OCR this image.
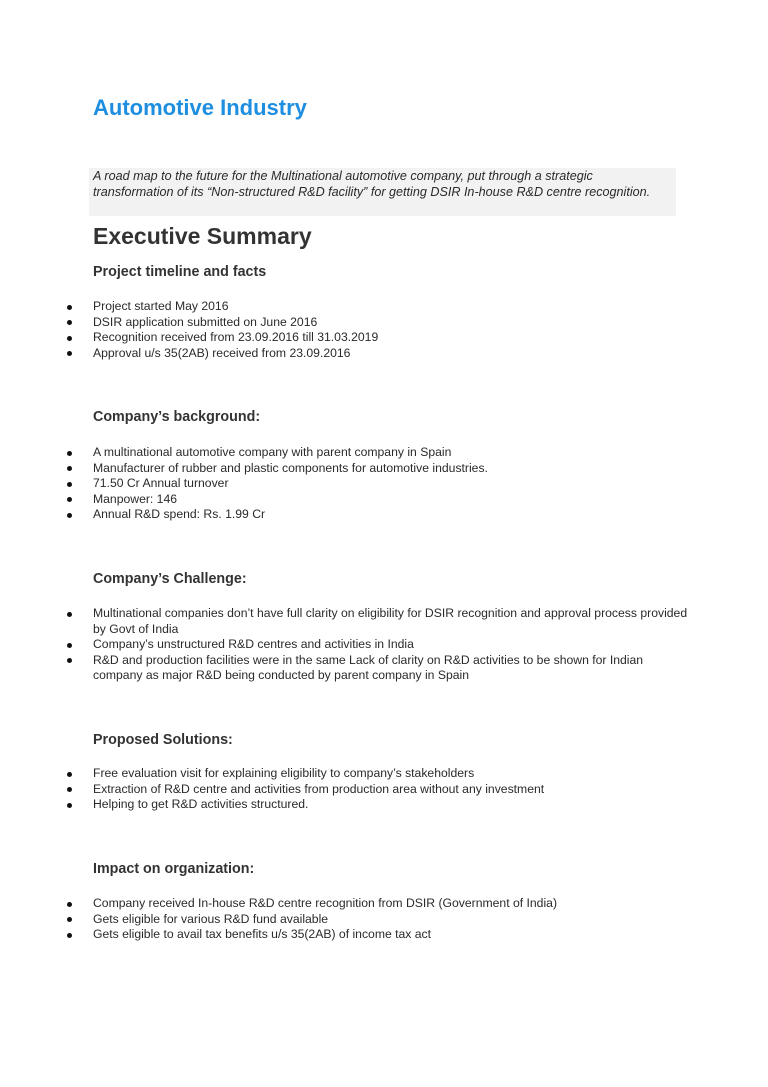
Automotive Industry
A road map to the future for the Multinational automotive company, put through a strategic transformation of its “Non-structured R&D facility” for getting DSIR In-house R&D centre recognition.
Executive Summary
Project timeline and facts
Project started May 2016
DSIR application submitted on June 2016
Recognition received from 23.09.2016 till 31.03.2019
Approval u/s 35(2AB) received from 23.09.2016
Company’s background:
A multinational automotive company with parent company in Spain
Manufacturer of rubber and plastic components for automotive industries.
71.50 Cr Annual turnover
Manpower: 146
Annual R&D spend: Rs. 1.99 Cr
Company’s Challenge:
Multinational companies don’t have full clarity on eligibility for DSIR recognition and approval process provided by Govt of India
Company’s unstructured R&D centres and activities in India
R&D and production facilities were in the same Lack of clarity on R&D activities to be shown for Indian company as major R&D being conducted by parent company in Spain
Proposed Solutions:
Free evaluation visit for explaining eligibility to company’s stakeholders
Extraction of R&D centre and activities from production area without any investment
Helping to get R&D activities structured.
Impact on organization:
Company received In-house R&D centre recognition from DSIR (Government of India)
Gets eligible for various R&D fund available
Gets eligible to avail tax benefits u/s 35(2AB) of income tax act
